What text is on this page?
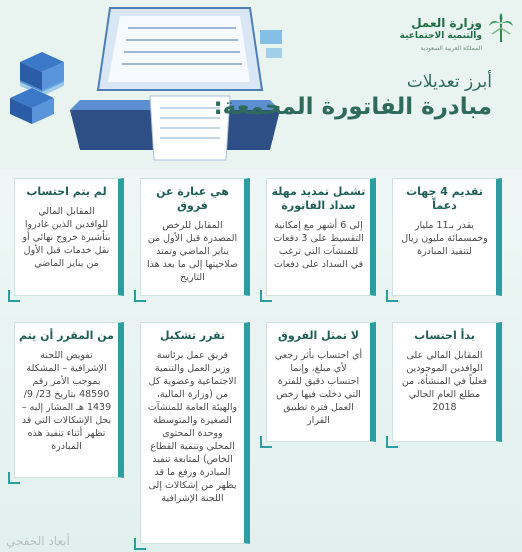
وزارة العمل
والتنمية الاجتماعية
المملكة العربية السعودية
أبرز تعديلات
مبادرة الفاتورة المجمعة:
تقديم 4 جهات دعماً
يقدر بـ11 مليار وخمسمائة مليون ريال لتنفيذ المبادرة
تشمل تمديد مهلة سداد الفاتورة
إلى 6 أشهر مع إمكانية التقسيط على 3 دفعات للمنشآت التي ترغب في السداد على دفعات
هي عبارة عن فروق
المقابل للرخص المصدرة قبل الأول من يناير الماضي وتمتد صلاحيتها إلى ما بعد هذا التاريخ
لم يتم احتساب
المقابل المالي للوافدين الذين غادروا بتأشيرة خروج نهائي أو نقل خدمات قبل الأول من يناير الماضي
بدأ احتساب
المقابل المالي على الوافدين الموجودين فعلياً في المنشأة، من مطلع العام الحالي 2018
لا تمثل الفروق
أي احتساب بأثر رجعي لأي مبلغ، وإنما احتساب دقيق للفترة التي دخلت فيها رخص العمل فترة تطبيق القرار
تقرر تشكيل
فريق عمل برئاسة وزير العمل والتنمية الاجتماعية وعضوية كل من (وزارة المالية، والهيئة العامة للمنشآت الصغيرة والمتوسطة ووحدة المحتوى المحلي وتنمية القطاع الخاص) لمتابعة تنفيذ المبادرة ورفع ما قد يظهر من إشكالات إلى اللجنة الإشرافية
من المقرر أن يتم
تفويض اللجنة الإشرافية – المشكلة بموجب الأمر رقم 48590 بتاريخ 23/ 9/ 1439 هـ المشار إليه – بحل الإشكالات التي قد تظهر أثناء تنفيذ هذه المبادرة
أبعاد الخفجي
